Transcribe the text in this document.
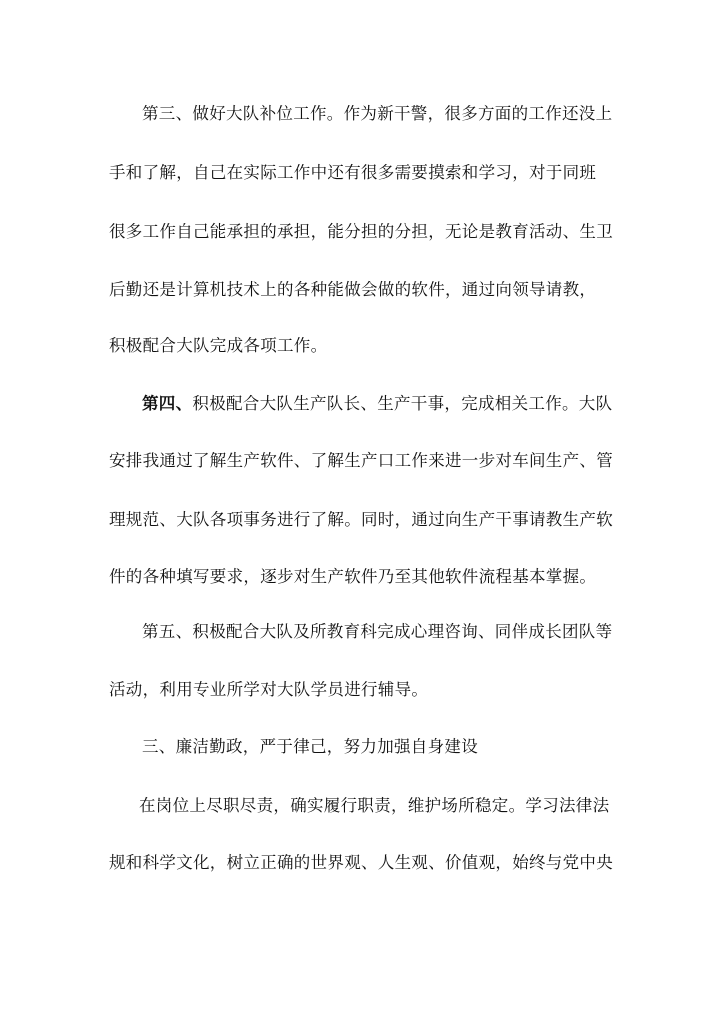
第三、做好大队补位工作。作为新干警，很多方面的工作还没上
手和了解，自己在实际工作中还有很多需要摸索和学习，对于同班
很多工作自己能承担的承担，能分担的分担，无论是教育活动、生卫
后勤还是计算机技术上的各种能做会做的软件，通过向领导请教，
积极配合大队完成各项工作。
第四、积极配合大队生产队长、生产干事，完成相关工作。大队
安排我通过了解生产软件、了解生产口工作来进一步对车间生产、管
理规范、大队各项事务进行了解。同时，通过向生产干事请教生产软
件的各种填写要求，逐步对生产软件乃至其他软件流程基本掌握。
第五、积极配合大队及所教育科完成心理咨询、同伴成长团队等
活动，利用专业所学对大队学员进行辅导。
三、廉洁勤政，严于律己，努力加强自身建设
在岗位上尽职尽责，确实履行职责，维护场所稳定。学习法律法
规和科学文化，树立正确的世界观、人生观、价值观，始终与党中央
